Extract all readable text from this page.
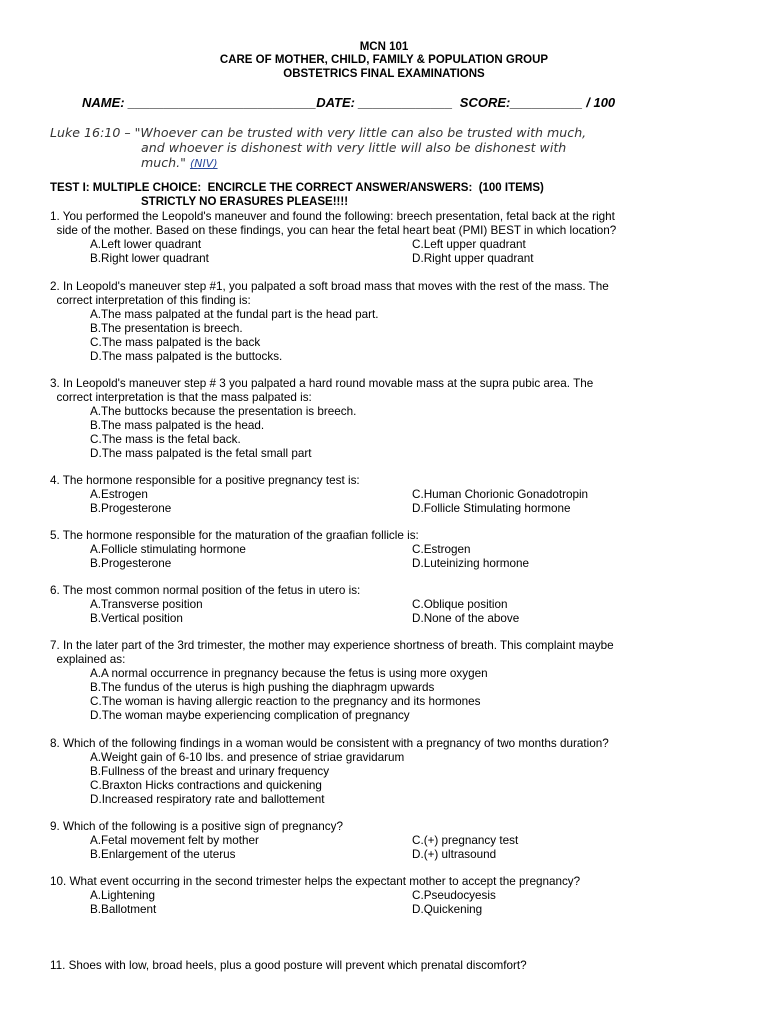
MCN 101
CARE OF MOTHER, CHILD, FAMILY & POPULATION GROUP
OBSTETRICS FINAL EXAMINATIONS
NAME: __________________________DATE: _____________  SCORE:__________ / 100
Luke 16:10 – "Whoever can be trusted with very little can also be trusted with much,
and whoever is dishonest with very little will also be dishonest with
much." (NIV)
TEST I: MULTIPLE CHOICE:  ENCIRCLE THE CORRECT ANSWER/ANSWERS:  (100 ITEMS)
STRICTLY NO ERASURES PLEASE!!!!
1. You performed the Leopold's maneuver and found the following: breech presentation, fetal back at the right
side of the mother. Based on these findings, you can hear the fetal heart beat (PMI) BEST in which location?
A.Left lower quadrant	C.Left upper quadrant
B.Right lower quadrant	D.Right upper quadrant
2. In Leopold's maneuver step #1, you palpated a soft broad mass that moves with the rest of the mass. The
correct interpretation of this finding is:
A.The mass palpated at the fundal part is the head part.
B.The presentation is breech.
C.The mass palpated is the back
D.The mass palpated is the buttocks.
3. In Leopold's maneuver step # 3 you palpated a hard round movable mass at the supra pubic area. The
correct interpretation is that the mass palpated is:
A.The buttocks because the presentation is breech.
B.The mass palpated is the head.
C.The mass is the fetal back.
D.The mass palpated is the fetal small part
4. The hormone responsible for a positive pregnancy test is:
A.Estrogen	C.Human Chorionic Gonadotropin
B.Progesterone	D.Follicle Stimulating hormone
5. The hormone responsible for the maturation of the graafian follicle is:
A.Follicle stimulating hormone	C.Estrogen
B.Progesterone	D.Luteinizing hormone
6. The most common normal position of the fetus in utero is:
A.Transverse position	C.Oblique position
B.Vertical position	D.None of the above
7. In the later part of the 3rd trimester, the mother may experience shortness of breath. This complaint maybe
explained as:
A.A normal occurrence in pregnancy because the fetus is using more oxygen
B.The fundus of the uterus is high pushing the diaphragm upwards
C.The woman is having allergic reaction to the pregnancy and its hormones
D.The woman maybe experiencing complication of pregnancy
8. Which of the following findings in a woman would be consistent with a pregnancy of two months duration?
A.Weight gain of 6-10 lbs. and presence of striae gravidarum
B.Fullness of the breast and urinary frequency
C.Braxton Hicks contractions and quickening
D.Increased respiratory rate and ballottement
9. Which of the following is a positive sign of pregnancy?
A.Fetal movement felt by mother	C.(+) pregnancy test
B.Enlargement of the uterus	D.(+) ultrasound
10. What event occurring in the second trimester helps the expectant mother to accept the pregnancy?
A.Lightening	C.Pseudocyesis
B.Ballotment	D.Quickening
11. Shoes with low, broad heels, plus a good posture will prevent which prenatal discomfort?
